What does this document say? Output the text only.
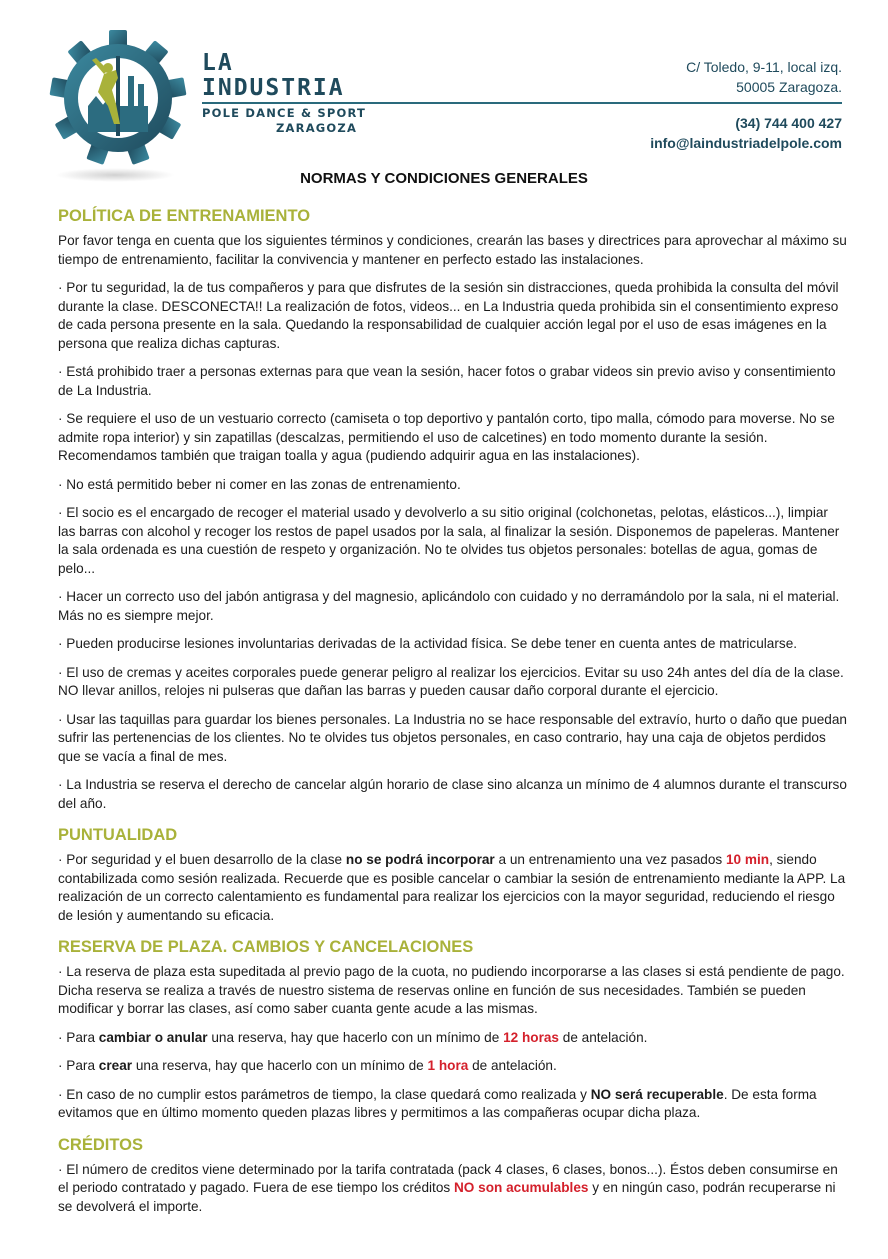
LA
INDUSTRIA
POLE DANCE & SPORT
ZARAGOZA
C/ Toledo, 9-11, local izq.
50005 Zaragoza.
(34) 744 400 427
info@laindustriadelpole.com
NORMAS Y CONDICIONES GENERALES
POLÍTICA DE ENTRENAMIENTO

Por favor tenga en cuenta que los siguientes términos y condiciones, crearán las bases y directrices para aprovechar al máximo su tiempo de entrenamiento, facilitar la convivencia y mantener en perfecto estado las instalaciones.

· Por tu seguridad, la de tus compañeros y para que disfrutes de la sesión sin distracciones, queda prohibida la consulta del móvil durante la clase. DESCONECTA!! La realización de fotos, videos... en La Industria queda prohibida sin el consentimiento expreso de cada persona presente en la sala. Quedando la responsabilidad de cualquier acción legal por el uso de esas imágenes en la persona que realiza dichas capturas.

· Está prohibido traer a personas externas para que vean la sesión, hacer fotos o grabar videos sin previo aviso y consentimiento de La Industria.

· Se requiere el uso de un vestuario correcto (camiseta o top deportivo y pantalón corto, tipo malla, cómodo para moverse. No se admite ropa interior) y sin zapatillas (descalzas, permitiendo el uso de calcetines) en todo momento durante la sesión. Recomendamos también que traigan toalla y agua (pudiendo adquirir agua en las instalaciones).

· No está permitido beber ni comer en las zonas de entrenamiento.

· El socio es el encargado de recoger el material usado y devolverlo a su sitio original (colchonetas, pelotas, elásticos...), limpiar las barras con alcohol y recoger los restos de papel usados por la sala, al finalizar la sesión. Disponemos de papeleras. Mantener la sala ordenada es una cuestión de respeto y organización. No te olvides tus objetos personales: botellas de agua, gomas de pelo...

· Hacer un correcto uso del jabón antigrasa y del magnesio, aplicándolo con cuidado y no derramándolo por la sala, ni el material. Más no es siempre mejor.

· Pueden producirse lesiones involuntarias derivadas de la actividad física. Se debe tener en cuenta antes de matricularse.

· El uso de cremas y aceites corporales puede generar peligro al realizar los ejercicios. Evitar su uso 24h antes del día de la clase. NO llevar anillos, relojes ni pulseras que dañan las barras y pueden causar daño corporal durante el ejercicio.

· Usar las taquillas para guardar los bienes personales. La Industria no se hace responsable del extravío, hurto o daño que puedan sufrir las pertenencias de los clientes. No te olvides tus objetos personales, en caso contrario, hay una caja de objetos perdidos que se vacía a final de mes.

· La Industria se reserva el derecho de cancelar algún horario de clase sino alcanza un mínimo de 4 alumnos durante el transcurso del año.

PUNTUALIDAD

· Por seguridad y el buen desarrollo de la clase no se podrá incorporar a un entrenamiento una vez pasados 10 min, siendo contabilizada como sesión realizada. Recuerde que es posible cancelar o cambiar la sesión de entrenamiento mediante la APP. La realización de un correcto calentamiento es fundamental para realizar los ejercicios con la mayor seguridad, reduciendo el riesgo de lesión y aumentando su eficacia.

RESERVA DE PLAZA. CAMBIOS Y CANCELACIONES

· La reserva de plaza esta supeditada al previo pago de la cuota, no pudiendo incorporarse a las clases si está pendiente de pago. Dicha reserva se realiza a través de nuestro sistema de reservas online en función de sus necesidades. También se pueden modificar y borrar las clases, así como saber cuanta gente acude a las mismas.

· Para cambiar o anular una reserva, hay que hacerlo con un mínimo de 12 horas de antelación.

· Para crear una reserva, hay que hacerlo con un mínimo de 1 hora de antelación.

· En caso de no cumplir estos parámetros de tiempo, la clase quedará como realizada y NO será recuperable. De esta forma evitamos que en último momento queden plazas libres y permitimos a las compañeras ocupar dicha plaza.

CRÉDITOS

· El número de creditos viene determinado por la tarifa contratada (pack 4 clases, 6 clases, bonos...). Éstos deben consumirse en el periodo contratado y pagado. Fuera de ese tiempo los créditos NO son acumulables y en ningún caso, podrán recuperarse ni se devolverá el importe.
